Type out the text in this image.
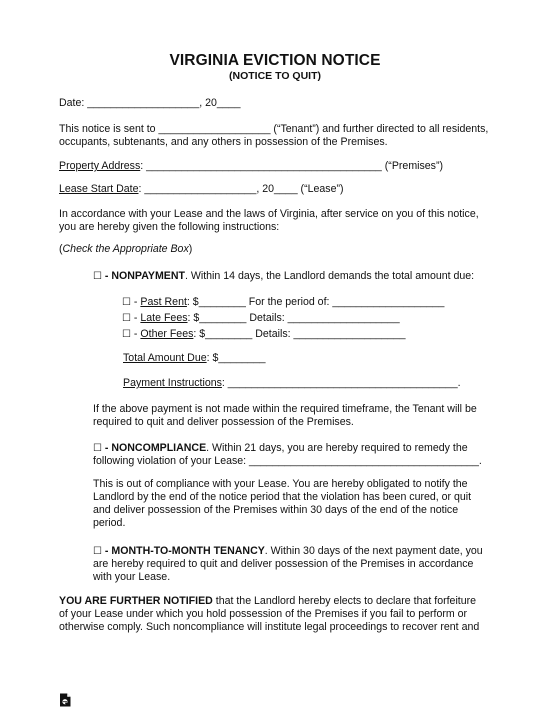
VIRGINIA EVICTION NOTICE
(NOTICE TO QUIT)
Date: ___________________, 20____
This notice is sent to ___________________ (“Tenant”) and further directed to all residents,
occupants, subtenants, and any others in possession of the Premises.
Property Address: ________________________________________ (“Premises”)
Lease Start Date: ___________________, 20____ (“Lease”)
In accordance with your Lease and the laws of Virginia, after service on you of this notice,
you are hereby given the following instructions:
(Check the Appropriate Box)
☐ - NONPAYMENT. Within 14 days, the Landlord demands the total amount due:
☐ - Past Rent: $________ For the period of: ___________________
☐ - Late Fees: $________ Details: ___________________
☐ - Other Fees: $________ Details: ___________________
Total Amount Due: $________
Payment Instructions: _______________________________________.
If the above payment is not made within the required timeframe, the Tenant will be
required to quit and deliver possession of the Premises.
☐ - NONCOMPLIANCE. Within 21 days, you are hereby required to remedy the
following violation of your Lease: _______________________________________.
This is out of compliance with your Lease. You are hereby obligated to notify the
Landlord by the end of the notice period that the violation has been cured, or quit
and deliver possession of the Premises within 30 days of the end of the notice
period.
☐ - MONTH-TO-MONTH TENANCY. Within 30 days of the next payment date, you
are hereby required to quit and deliver possession of the Premises in accordance
with your Lease.
YOU ARE FURTHER NOTIFIED that the Landlord hereby elects to declare that forfeiture
of your Lease under which you hold possession of the Premises if you fail to perform or
otherwise comply. Such noncompliance will institute legal proceedings to recover rent and
